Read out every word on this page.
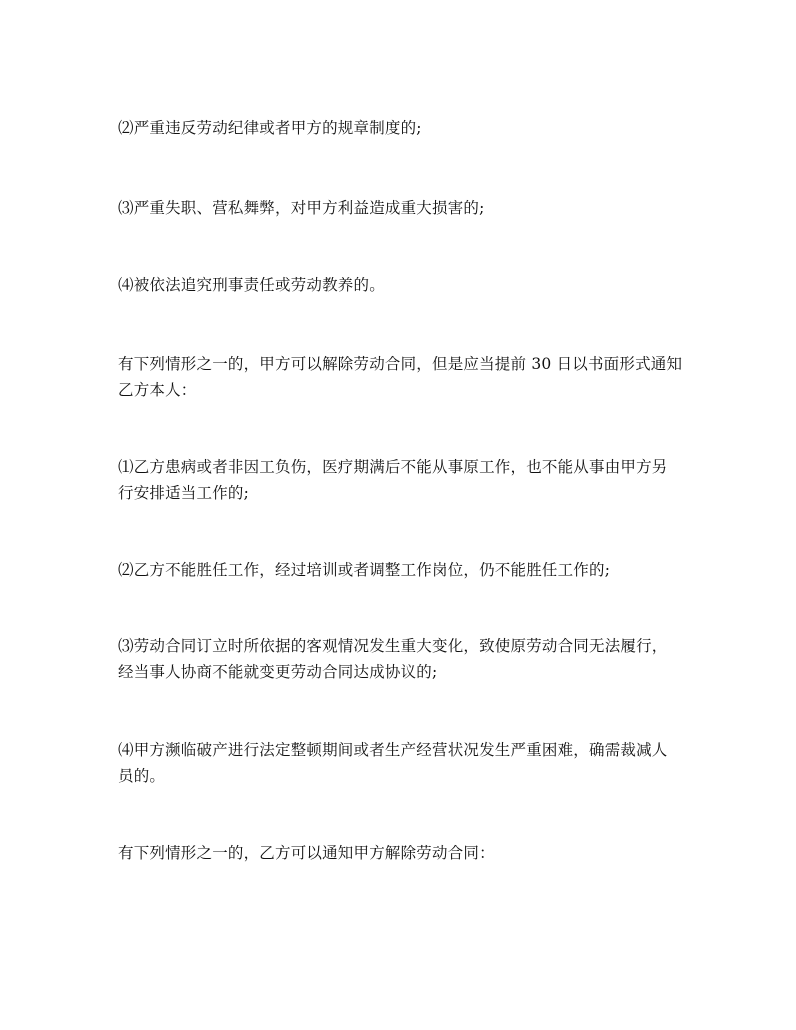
⑵严重违反劳动纪律或者甲方的规章制度的;

⑶严重失职、营私舞弊，对甲方利益造成重大损害的;

⑷被依法追究刑事责任或劳动教养的。

有下列情形之一的，甲方可以解除劳动合同，但是应当提前 30 日以书面形式通知乙方本人：

⑴乙方患病或者非因工负伤，医疗期满后不能从事原工作，也不能从事由甲方另行安排适当工作的;

⑵乙方不能胜任工作，经过培训或者调整工作岗位，仍不能胜任工作的;

⑶劳动合同订立时所依据的客观情况发生重大变化，致使原劳动合同无法履行，经当事人协商不能就变更劳动合同达成协议的;

⑷甲方濒临破产进行法定整顿期间或者生产经营状况发生严重困难，确需裁减人员的。

有下列情形之一的，乙方可以通知甲方解除劳动合同：
